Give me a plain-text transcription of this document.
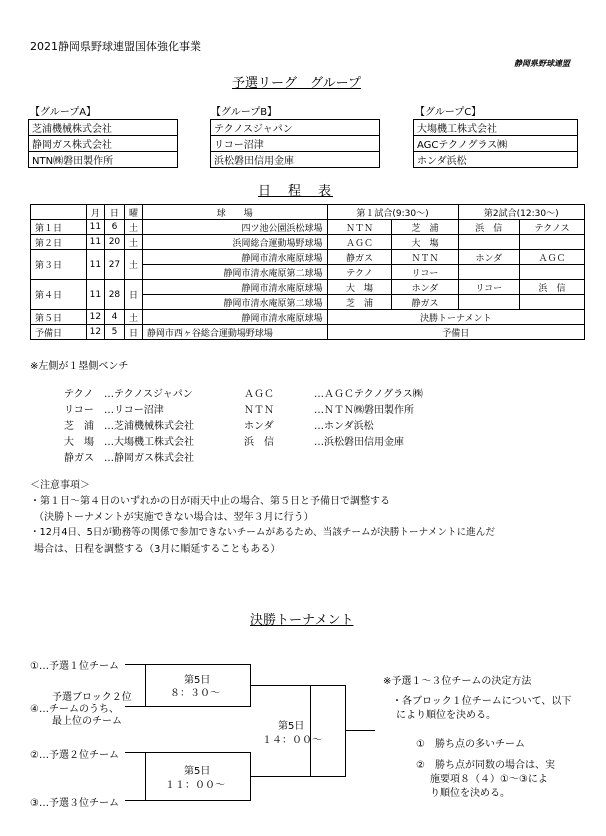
2021静岡県野球連盟国体強化事業
静岡県野球連盟
予選リーグ　グループ
【グループA】	【グループB】	【グループC】
芝浦機械株式会社
静岡ガス株式会社
NTN㈱磐田製作所
テクノスジャパン
リコー沼津
浜松磐田信用金庫
大塲機工株式会社
AGCテクノグラス㈱
ホンダ浜松
日　程　表
	月	日	曜	球　　場	第１試合(9:30～)		第2試合(12:30～)	
第１日	11	6	土	四ツ池公園浜松球場	ＮＴＮ	芝　浦	浜　信	テクノス
第２日	11	20	土	浜岡総合運動場野球場	ＡＧＣ	大　塲		
第３日	11	27	土	静岡市清水庵原球場	静ガス	ＮＴＮ	ホンダ	ＡＧＣ
				静岡市清水庵原第二球場	テクノ	リコー		
第４日	11	28	日	静岡市清水庵原球場	大　塲	ホンダ	リコー	浜　信
				静岡市清水庵原第二球場	芝　浦	静ガス		
第５日	12	4	土	静岡市清水庵原球場	決勝トーナメント			
予備日	12	5	日	静岡市西ヶ谷総合運動場野球場	予備日			
※左側が１塁側ベンチ
テクノ …テクノスジャパン	ＡＧＣ	…ＡＧＣテクノグラス㈱
リコー …リコー沼津	ＮＴＮ	…ＮＴＮ㈱磐田製作所
芝　浦 …芝浦機械株式会社	ホンダ	…ホンダ浜松
大　塲 …大塲機工株式会社	浜　信	…浜松磐田信用金庫
静ガス …静岡ガス株式会社
＜注意事項＞
・第１日～第４日のいずれかの日が雨天中止の場合、第５日と予備日で調整する
（決勝トーナメントが実施できない場合は、翌年３月に行う）
・12月4日、5日が勤務等の関係で参加できないチームがあるため、当該チームが決勝トーナメントに進んだ
場合は、日程を調整する（3月に順延することもある）
決勝トーナメント
①…予選１位チーム
予選ブロック２位
④…チームのうち、
最上位のチーム
②…予選２位チーム
③…予選３位チーム
第5日
８：３０～
第5日
１１：００～
第5日
１４：００～
※予選１～３位チームの決定方法
・各ブロック１位チームについて、以下
により順位を決める。
①　勝ち点の多いチーム
②　勝ち点が同数の場合は、実
施要項８（４）①～③によ
り順位を決める。
